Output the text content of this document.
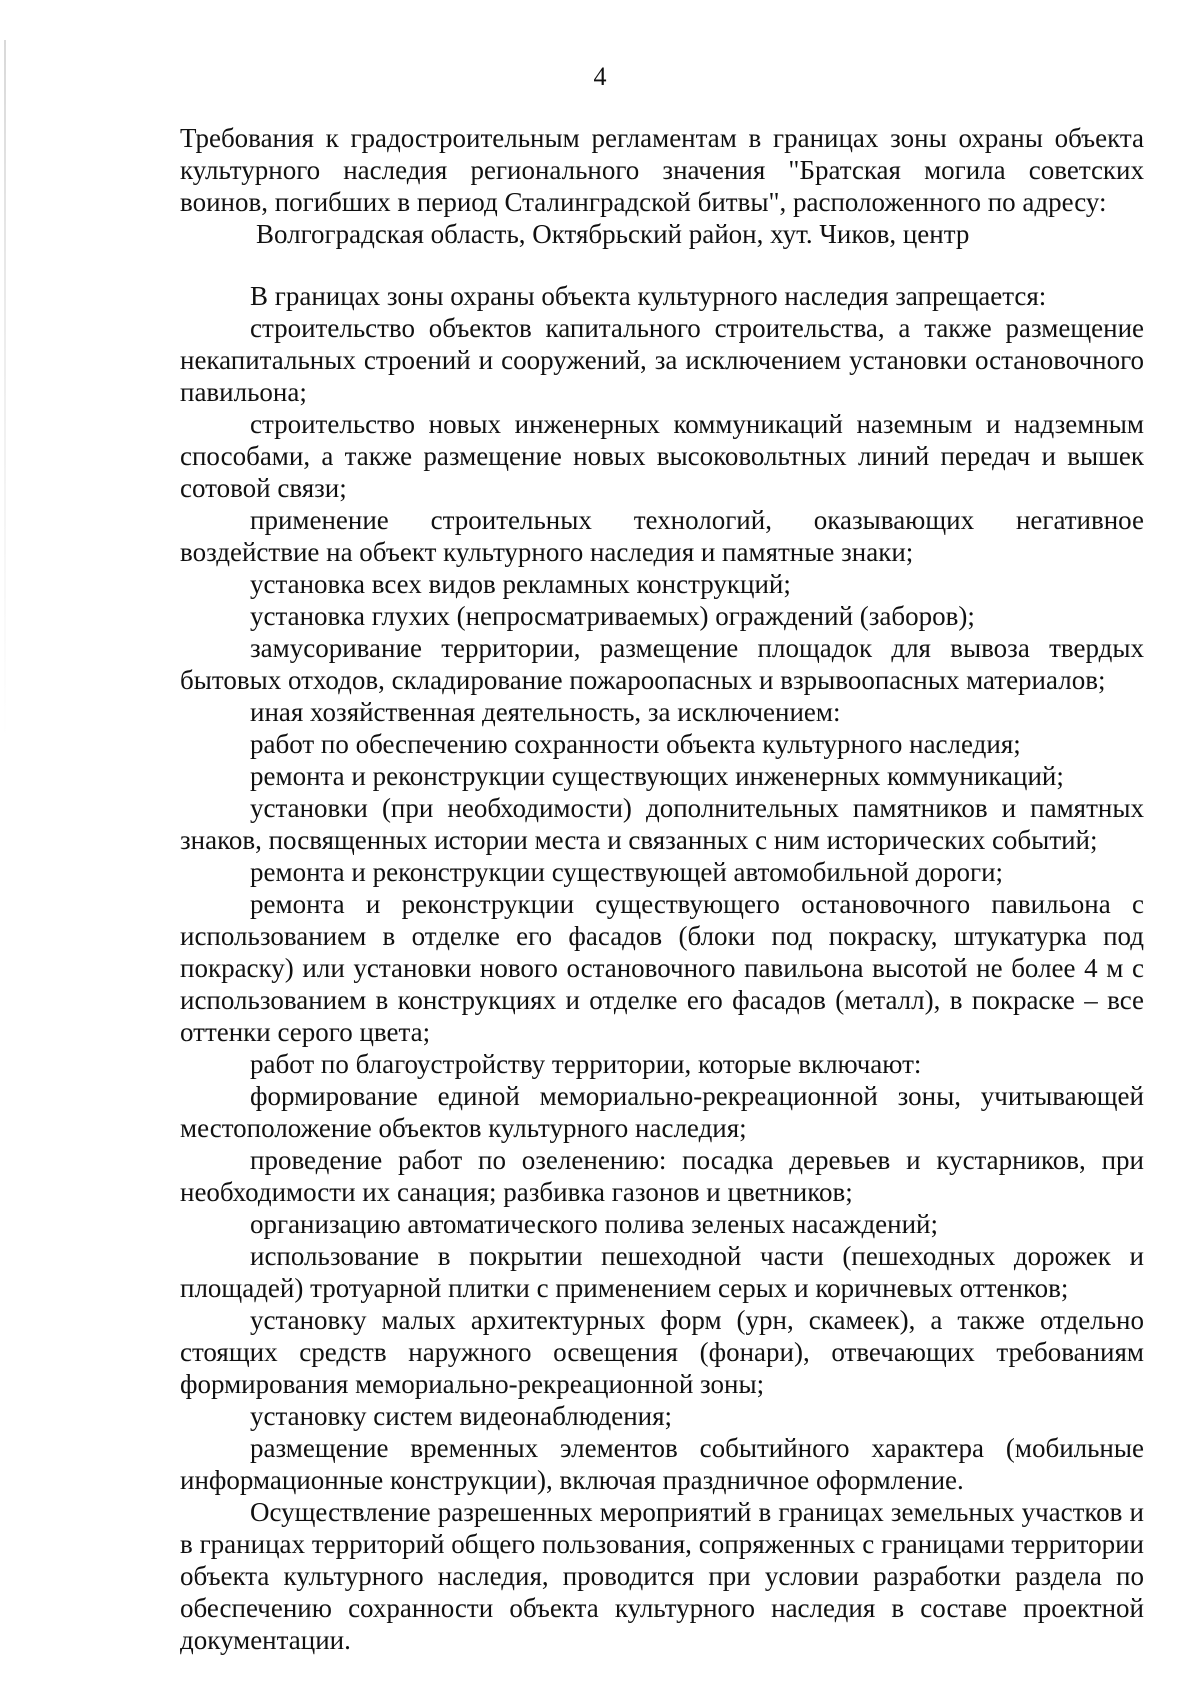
4

Требования к градостроительным регламентам в границах зоны охраны объекта

культурного наследия регионального значения "Братская могила советских

воинов, погибших в период Сталинградской битвы", расположенного по адресу:

Волгоградская область, Октябрьский район, хут. Чиков, центр

В границах зоны охраны объекта культурного наследия запрещается:

строительство объектов капитального строительства, а также размещение некапитальных строений и сооружений, за исключением установки остановочного павильона;

строительство новых инженерных коммуникаций наземным и надземным способами, а также размещение новых высоковольтных линий передач и вышек сотовой связи;

применение строительных технологий, оказывающих негативное воздействие на объект культурного наследия и памятные знаки;

установка всех видов рекламных конструкций;

установка глухих (непросматриваемых) ограждений (заборов);

замусоривание территории, размещение площадок для вывоза твердых бытовых отходов, складирование пожароопасных и взрывоопасных материалов;

иная хозяйственная деятельность, за исключением:

работ по обеспечению сохранности объекта культурного наследия;

ремонта и реконструкции существующих инженерных коммуникаций;

установки (при необходимости) дополнительных памятников и памятных знаков, посвященных истории места и связанных с ним исторических событий;

ремонта и реконструкции существующей автомобильной дороги;

ремонта и реконструкции существующего остановочного павильона с использованием в отделке его фасадов (блоки под покраску, штукатурка под покраску) или установки нового остановочного павильона высотой не более 4 м с использованием в конструкциях и отделке его фасадов (металл), в покраске – все оттенки серого цвета;

работ по благоустройству территории, которые включают:

формирование единой мемориально-рекреационной зоны, учитывающей местоположение объектов культурного наследия;

проведение работ по озеленению: посадка деревьев и кустарников, при необходимости их санация; разбивка газонов и цветников;

организацию автоматического полива зеленых насаждений;

использование в покрытии пешеходной части (пешеходных дорожек и площадей) тротуарной плитки с применением серых и коричневых оттенков;

установку малых архитектурных форм (урн, скамеек), а также отдельно стоящих средств наружного освещения (фонари), отвечающих требованиям формирования мемориально-рекреационной зоны;

установку систем видеонаблюдения;

размещение временных элементов событийного характера (мобильные информационные конструкции), включая праздничное оформление.

Осуществление разрешенных мероприятий в границах земельных участков и в границах территорий общего пользования, сопряженных с границами территории объекта культурного наследия, проводится при условии разработки раздела по обеспечению сохранности объекта культурного наследия в составе проектной документации.
